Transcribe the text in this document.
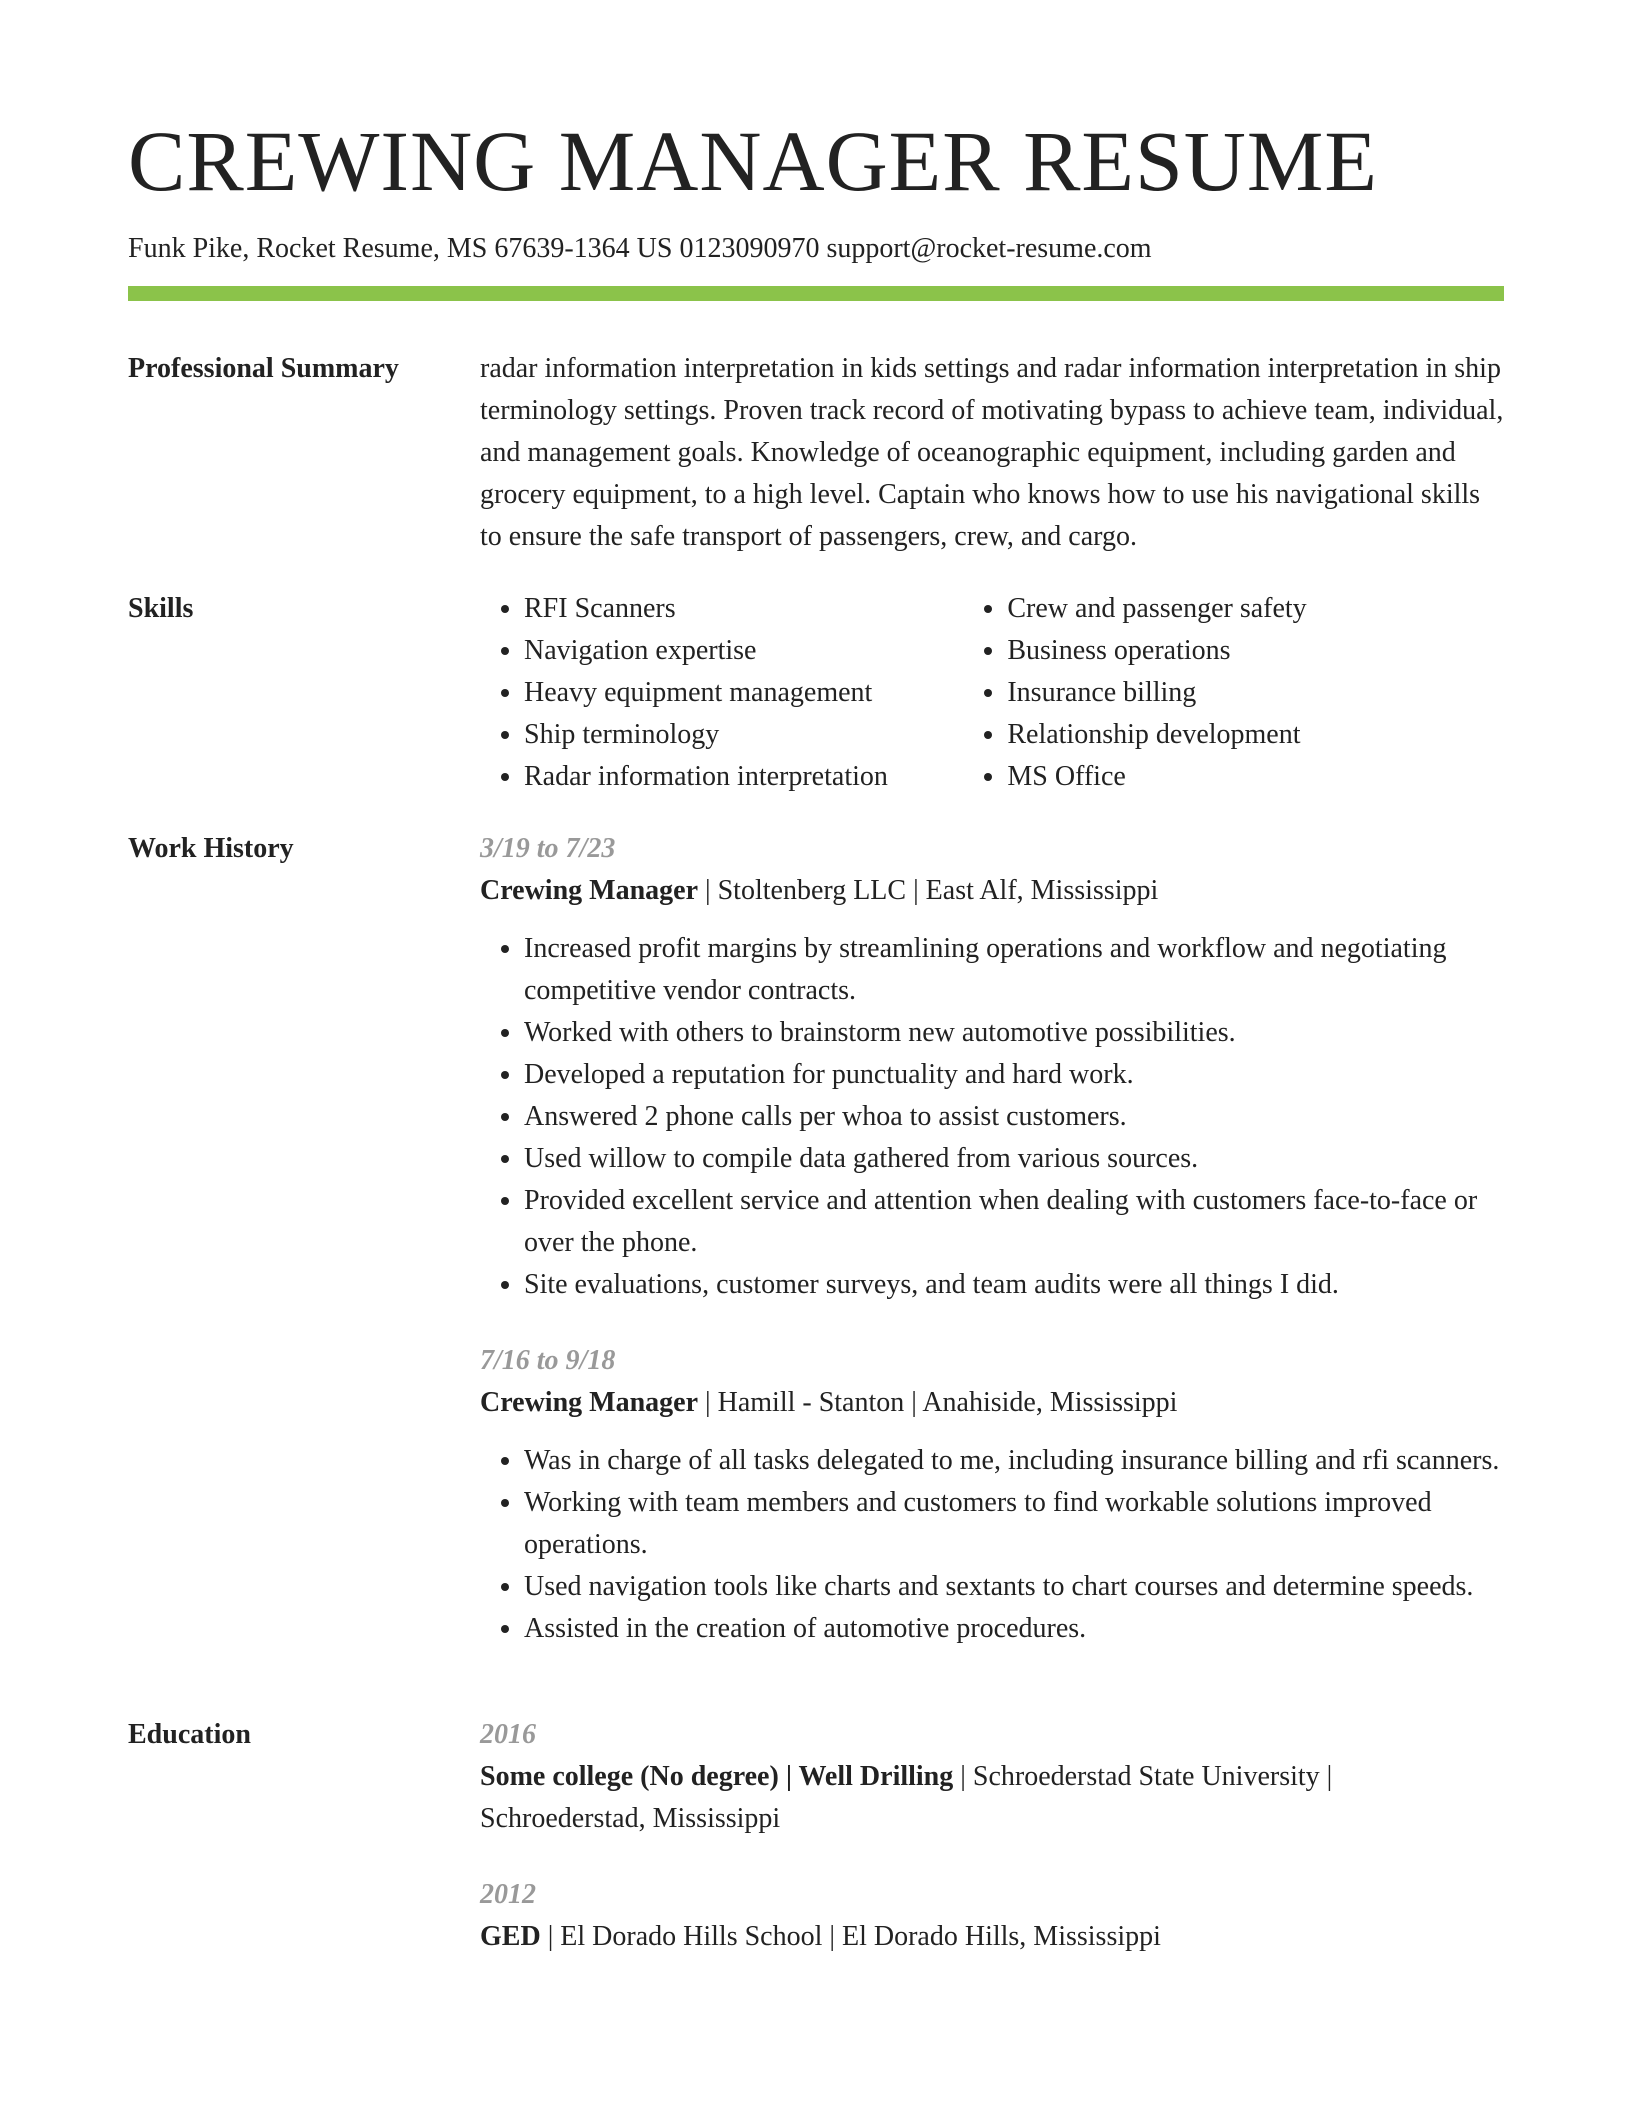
CREWING MANAGER RESUME
Funk Pike, Rocket Resume, MS 67639-1364 US 0123090970 support@rocket-resume.com
Professional Summary	radar information interpretation in kids settings and radar information interpretation in ship terminology settings. Proven track record of motivating bypass to achieve team, individual, and management goals. Knowledge of oceanographic equipment, including garden and grocery equipment, to a high level. Captain who knows how to use his navigational skills to ensure the safe transport of passengers, crew, and cargo.

Skills
•	RFI Scanners
• Navigation expertise
• Heavy equipment management
• Ship terminology
• Radar information interpretation
• Crew and passenger safety
• Business operations
• Insurance billing
• Relationship development
• MS Office
Work History	3/19 to 7/23

Crewing Manager | Stoltenberg LLC | East Alf, Mississippi

• Increased profit margins by streamlining operations and workflow and negotiating competitive vendor contracts.
• Worked with others to brainstorm new automotive possibilities.
• Developed a reputation for punctuality and hard work.
• Answered 2 phone calls per whoa to assist customers.
• Used willow to compile data gathered from various sources.
• Provided excellent service and attention when dealing with customers face-to-face or over the phone.
• Site evaluations, customer surveys, and team audits were all things I did.

7/16 to 9/18

Crewing Manager | Hamill - Stanton | Anahiside, Mississippi

• Was in charge of all tasks delegated to me, including insurance billing and rfi scanners.
• Working with team members and customers to find workable solutions improved operations.
• Used navigation tools like charts and sextants to chart courses and determine speeds.
• Assisted in the creation of automotive procedures.
Education	2016

Some college (No degree) | Well Drilling | Schroederstad State University | Schroederstad, Mississippi

2012

GED | El Dorado Hills School | El Dorado Hills, Mississippi
